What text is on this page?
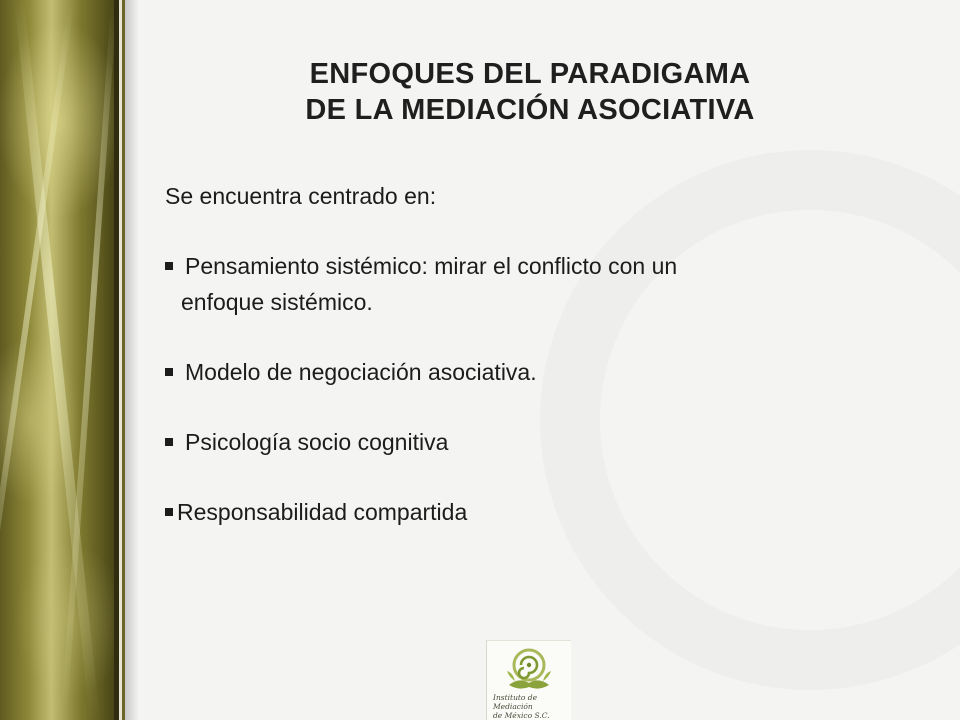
ENFOQUES DEL PARADIGAMA
DE LA MEDIACIÓN ASOCIATIVA
Se encuentra centrado en:
Pensamiento sistémico: mirar el conflicto con un
enfoque sistémico.
Modelo de negociación asociativa.
Psicología socio cognitiva
Responsabilidad compartida
Instituto de Mediación
de México S.C.
